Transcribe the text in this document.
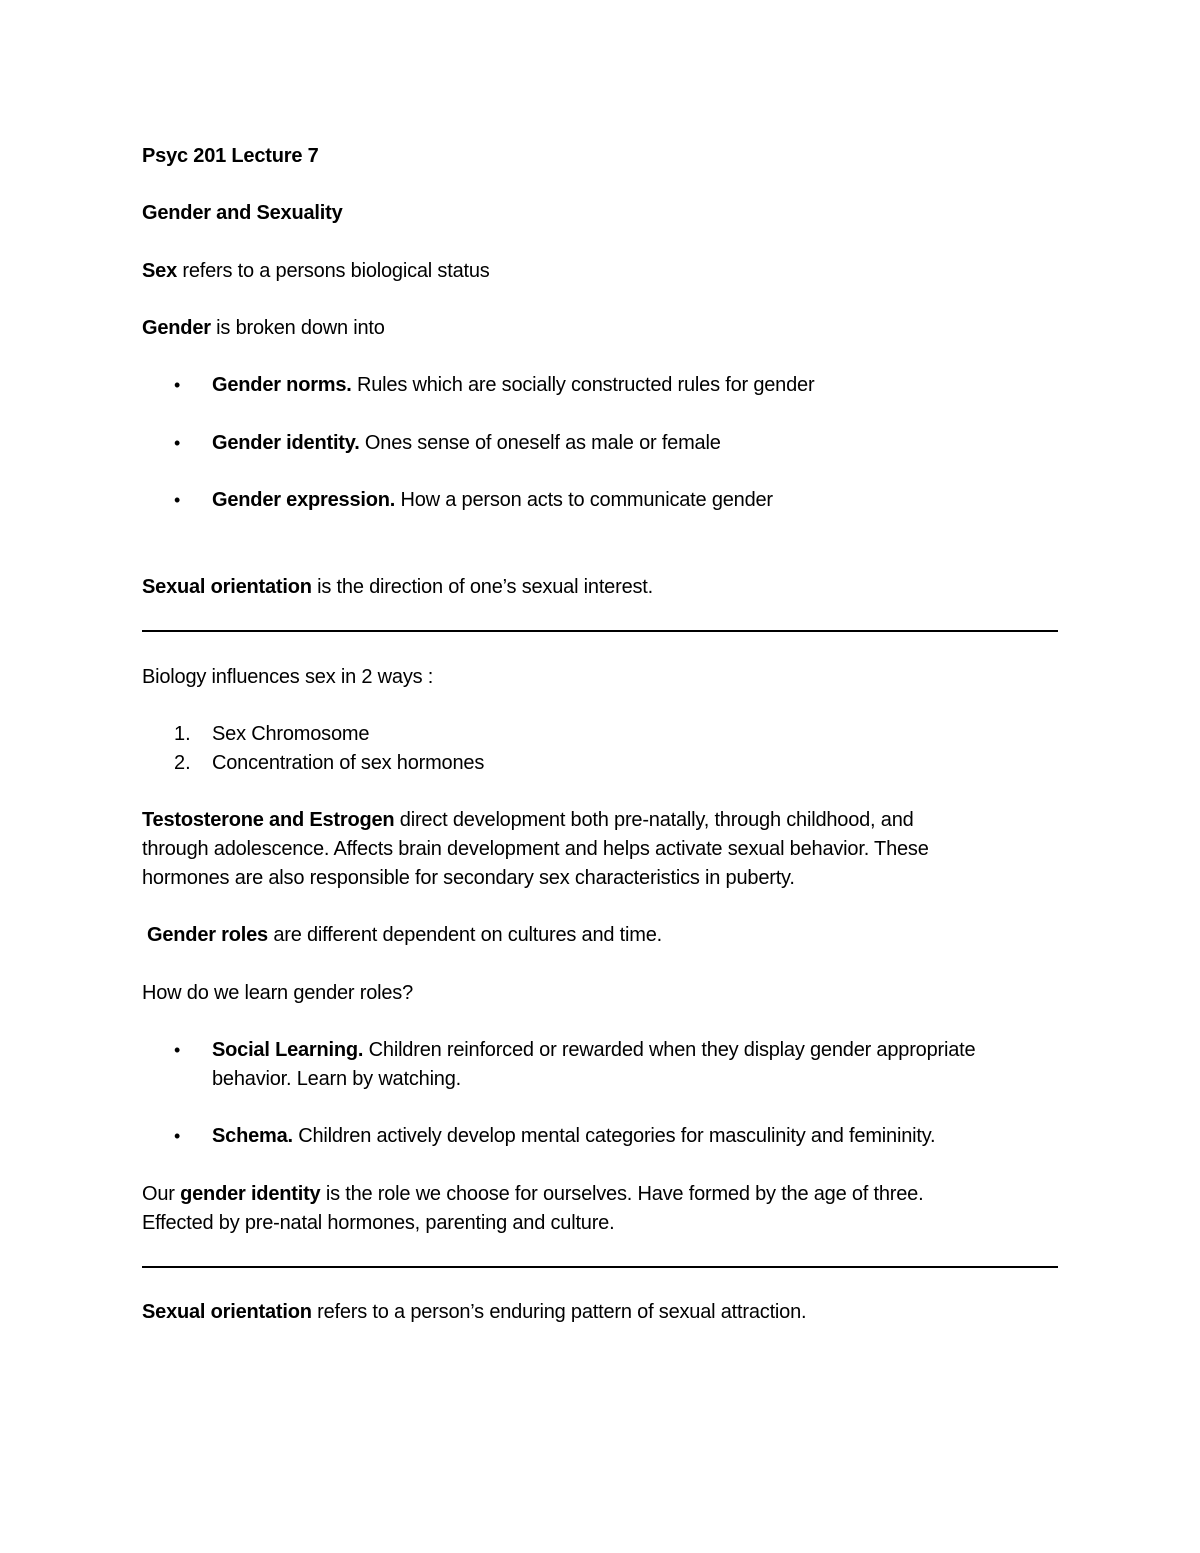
Psyc 201 Lecture 7
Gender and Sexuality
Sex refers to a persons biological status
Gender is broken down into
• Gender norms. Rules which are socially constructed rules for gender
• Gender identity. Ones sense of oneself as male or female
• Gender expression. How a person acts to communicate gender
Sexual orientation is the direction of one’s sexual interest.
Biology influences sex in 2 ways :
1. Sex Chromosome
2. Concentration of sex hormones
Testosterone and Estrogen direct development both pre-natally, through childhood, and
through adolescence. Affects brain development and helps activate sexual behavior. These
hormones are also responsible for secondary sex characteristics in puberty.
Gender roles are different dependent on cultures and time.
How do we learn gender roles?
• Social Learning. Children reinforced or rewarded when they display gender appropriate
behavior. Learn by watching.
• Schema. Children actively develop mental categories for masculinity and femininity.
Our gender identity is the role we choose for ourselves. Have formed by the age of three.
Effected by pre-natal hormones, parenting and culture.
Sexual orientation refers to a person’s enduring pattern of sexual attraction.
